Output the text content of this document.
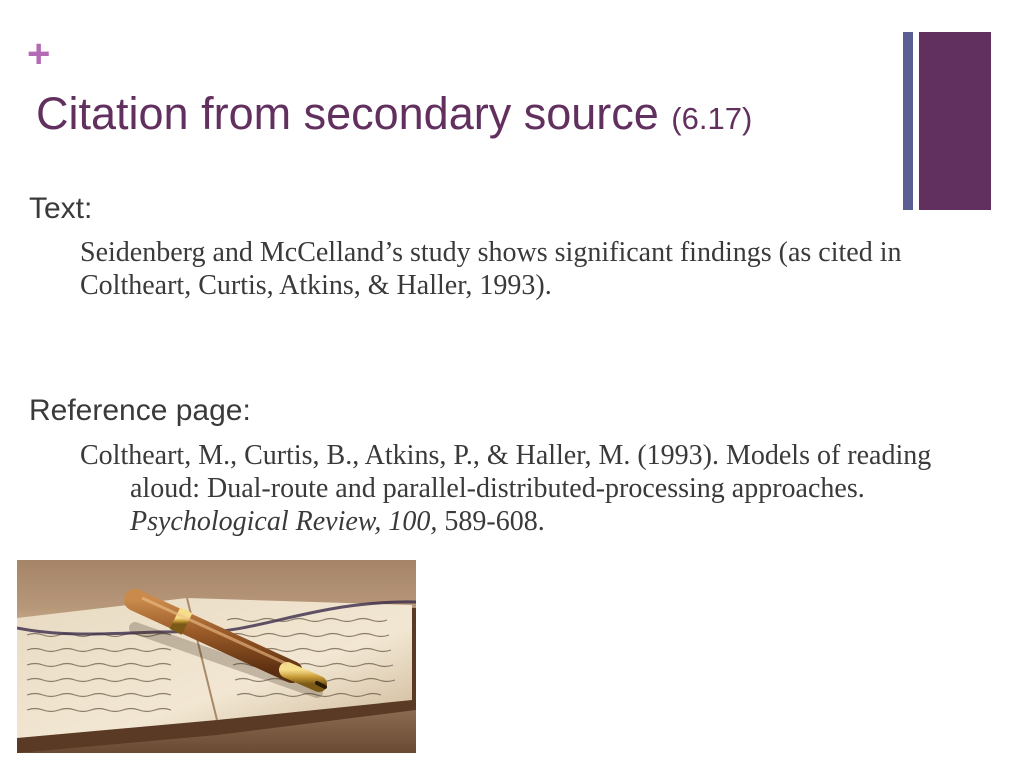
+
Citation from secondary source (6.17)

Text:

Seidenberg and McCelland’s study shows significant findings (as cited in Coltheart, Curtis, Atkins, & Haller, 1993).

Reference page:

Coltheart, M., Curtis, B., Atkins, P., & Haller, M. (1993). Models of reading aloud: Dual-route and parallel-distributed-processing approaches. Psychological Review, 100, 589-608.
